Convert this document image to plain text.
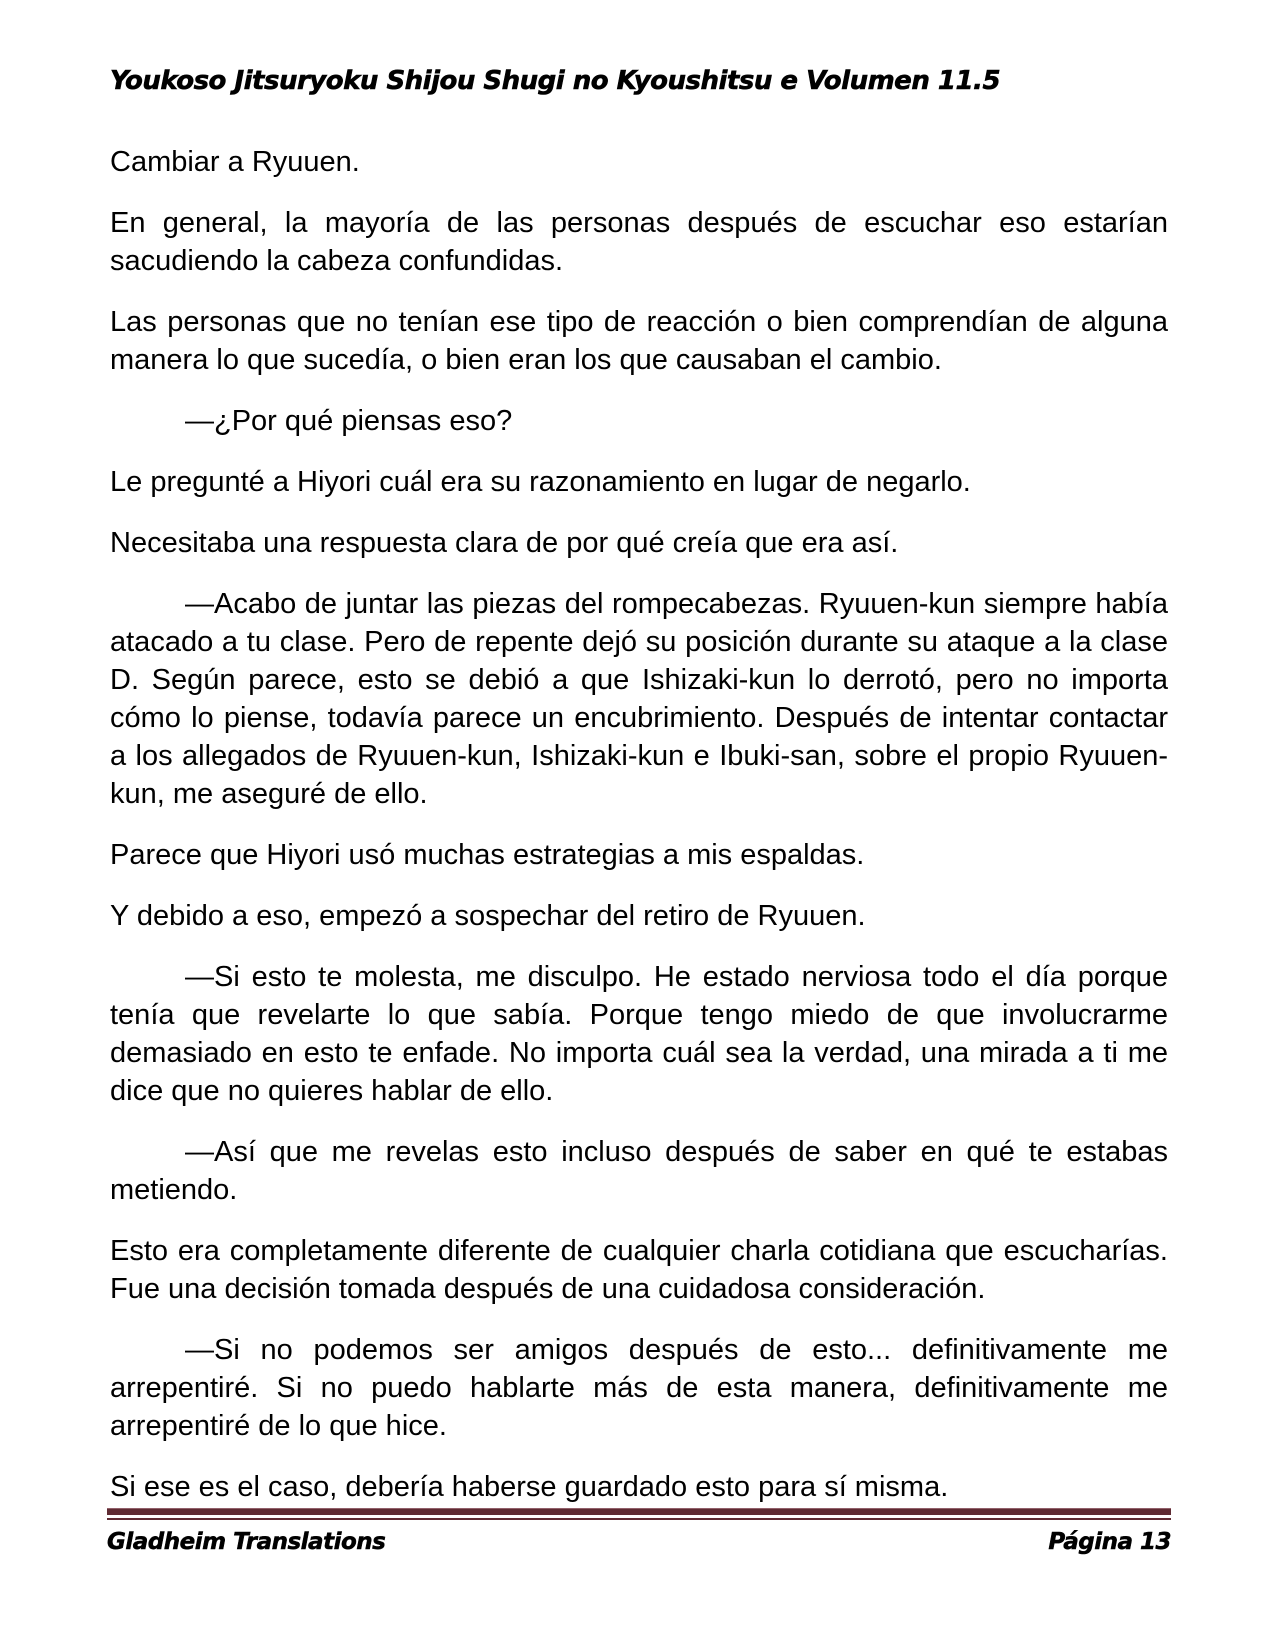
Youkoso Jitsuryoku Shijou Shugi no Kyoushitsu e Volumen 11.5

Cambiar a Ryuuen.

En general, la mayoría de las personas después de escuchar eso estarían sacudiendo la cabeza confundidas.

Las personas que no tenían ese tipo de reacción o bien comprendían de alguna manera lo que sucedía, o bien eran los que causaban el cambio.

—¿Por qué piensas eso?

Le pregunté a Hiyori cuál era su razonamiento en lugar de negarlo.

Necesitaba una respuesta clara de por qué creía que era así.

—Acabo de juntar las piezas del rompecabezas. Ryuuen-kun siempre había atacado a tu clase. Pero de repente dejó su posición durante su ataque a la clase D. Según parece, esto se debió a que Ishizaki-kun lo derrotó, pero no importa cómo lo piense, todavía parece un encubrimiento. Después de intentar contactar a los allegados de Ryuuen-kun, Ishizaki-kun e Ibuki-san, sobre el propio Ryuuen-kun, me aseguré de ello.

Parece que Hiyori usó muchas estrategias a mis espaldas.

Y debido a eso, empezó a sospechar del retiro de Ryuuen.

—Si esto te molesta, me disculpo. He estado nerviosa todo el día porque tenía que revelarte lo que sabía. Porque tengo miedo de que involucrarme demasiado en esto te enfade. No importa cuál sea la verdad, una mirada a ti me dice que no quieres hablar de ello.

—Así que me revelas esto incluso después de saber en qué te estabas metiendo.

Esto era completamente diferente de cualquier charla cotidiana que escucharías. Fue una decisión tomada después de una cuidadosa consideración.

—Si no podemos ser amigos después de esto... definitivamente me arrepentiré. Si no puedo hablarte más de esta manera, definitivamente me arrepentiré de lo que hice.

Si ese es el caso, debería haberse guardado esto para sí misma.

Gladheim Translations	Página 13
